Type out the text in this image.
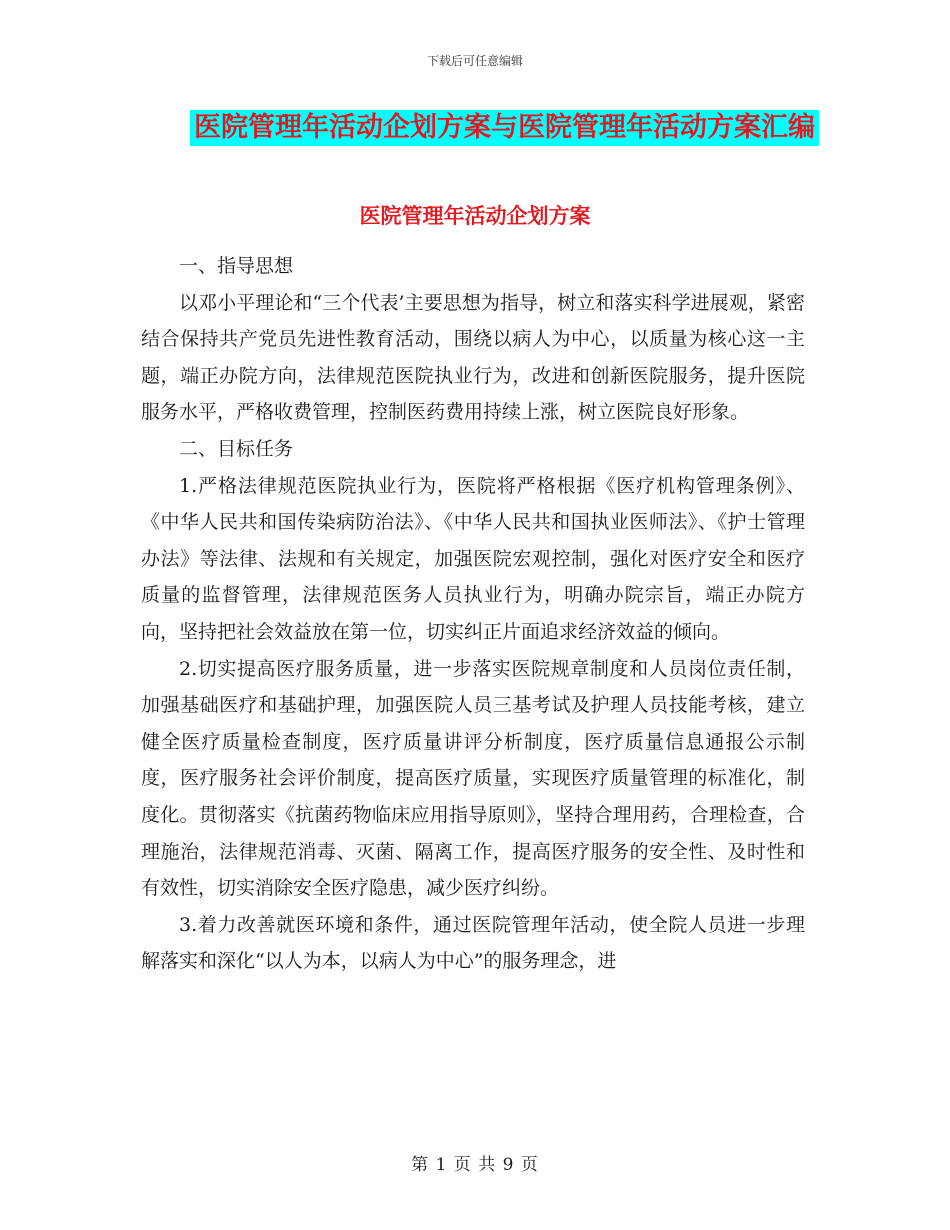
下载后可任意编辑
医院管理年活动企划方案与医院管理年活动方案汇编
医院管理年活动企划方案

一、指导思想

以邓小平理论和“三个代表’主要思想为指导，树立和落实科学进展观，紧密结合保持共产党员先进性教育活动，围绕以病人为中心，以质量为核心这一主题，端正办院方向，法律规范医院执业行为，改进和创新医院服务，提升医院服务水平，严格收费管理，控制医药费用持续上涨，树立医院良好形象。

二、目标任务

1.严格法律规范医院执业行为，医院将严格根据《医疗机构管理条例》、《中华人民共和国传染病防治法》、《中华人民共和国执业医师法》、《护士管理办法》等法律、法规和有关规定，加强医院宏观控制，强化对医疗安全和医疗质量的监督管理，法律规范医务人员执业行为，明确办院宗旨，端正办院方向，坚持把社会效益放在第一位，切实纠正片面追求经济效益的倾向。

2.切实提高医疗服务质量，进一步落实医院规章制度和人员岗位责任制，加强基础医疗和基础护理，加强医院人员三基考试及护理人员技能考核，建立健全医疗质量检查制度，医疗质量讲评分析制度，医疗质量信息通报公示制度，医疗服务社会评价制度，提高医疗质量，实现医疗质量管理的标准化，制度化。贯彻落实《抗菌药物临床应用指导原则》，坚持合理用药，合理检查，合理施治，法律规范消毒、灭菌、隔离工作，提高医疗服务的安全性、及时性和有效性，切实消除安全医疗隐患，减少医疗纠纷。

3.着力改善就医环境和条件，通过医院管理年活动，使全院人员进一步理解落实和深化“以人为本，以病人为中心”的服务理念，进

第 1 页 共 9 页
